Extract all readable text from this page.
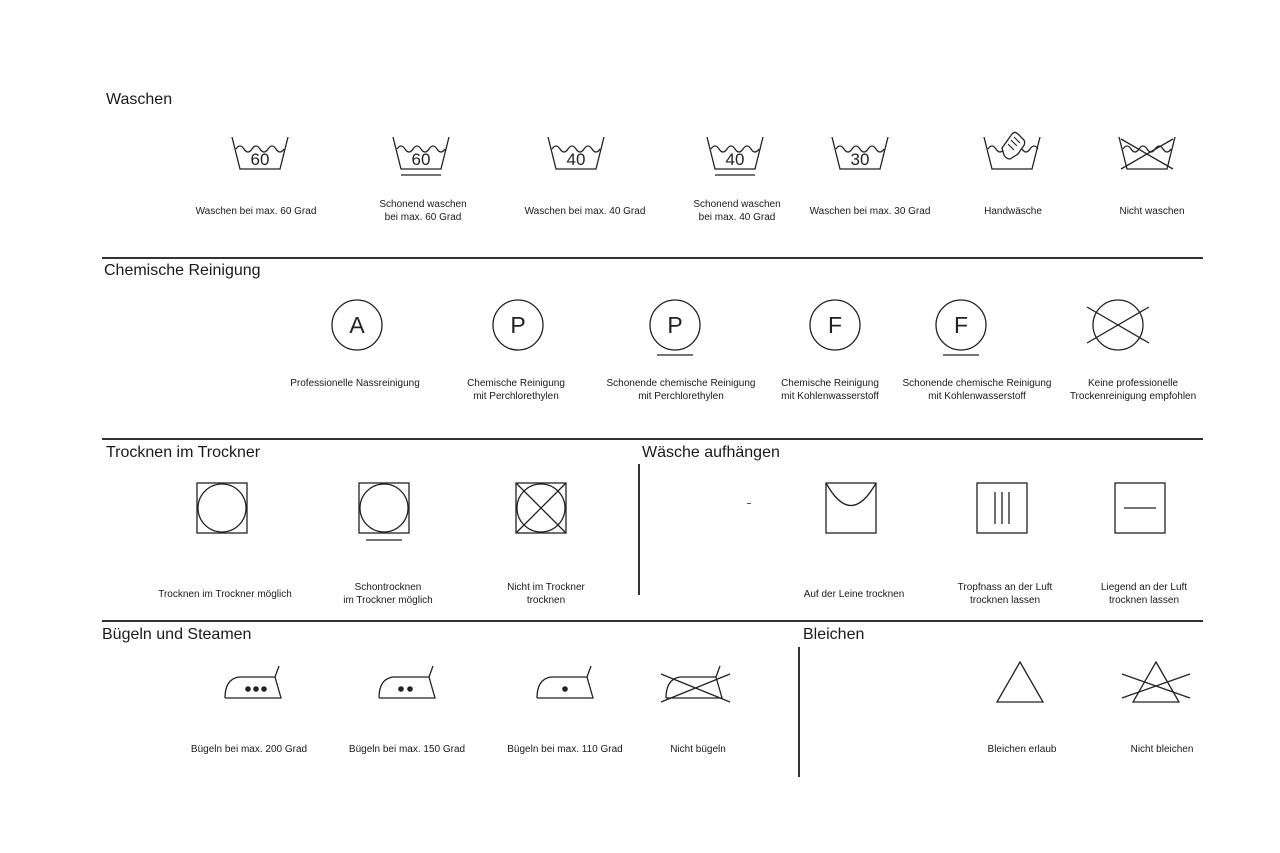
Waschen
Chemische Reinigung
Trocknen im Trockner	Wäsche aufhängen
Bügeln und Steamen	Bleichen
60
Waschen bei max. 60 Grad
60
Schonend waschen
bei max. 60 Grad
40
Waschen bei max. 40 Grad
40
Schonend waschen
bei max. 40 Grad
30
Waschen bei max. 30 Grad	Handwäsche	Nicht waschen
A
Professionelle Nassreinigung
P
Chemische Reinigung
mit Perchlorethylen
P
Schonende chemische Reinigung
mit Perchlorethylen
F
Chemische Reinigung
mit Kohlenwasserstoff
F
Schonende chemische Reinigung
mit Kohlenwasserstoff
Keine professionelle
Trockenreinigung empfohlen
Trocknen im Trockner möglich
Schontrocknen
im Trockner möglich
Nicht im Trockner
trocknen	Auf der Leine trocknen
Tropfnass an der Luft
trocknen lassen
Liegend an der Luft
trocknen lassen
Bügeln bei max. 200 Grad	Bügeln bei max. 150 Grad	Bügeln bei max. 110 Grad	Nicht bügeln	Bleichen erlaub	Nicht bleichen
